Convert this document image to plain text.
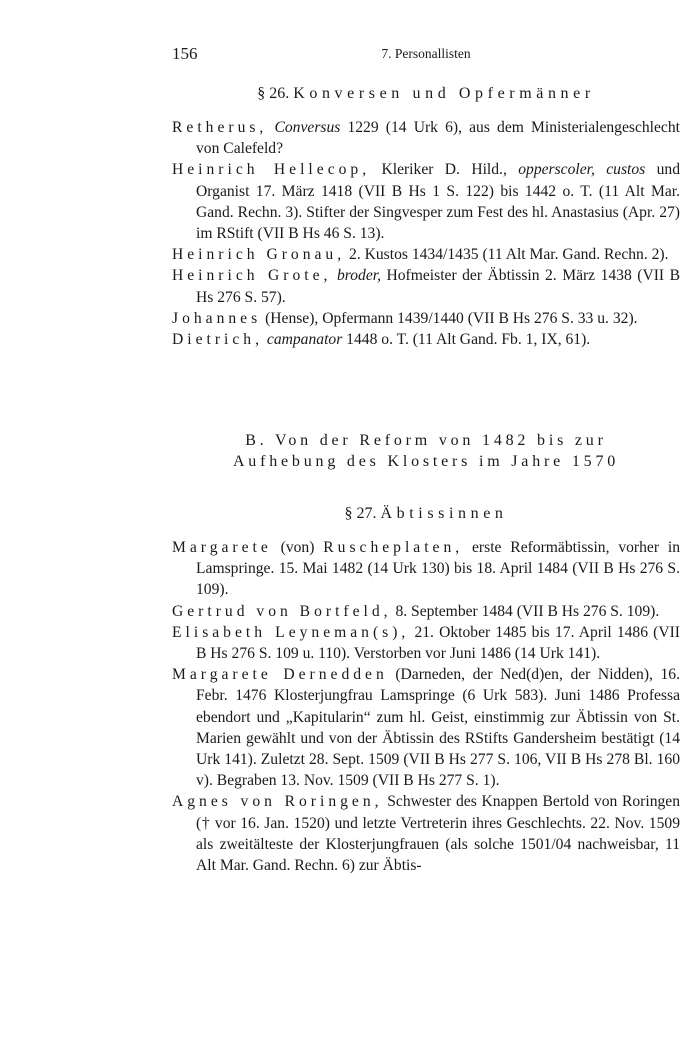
156	7. Personallisten
§ 26. Konversen und Opfermänner
Retherus, Conversus 1229 (14 Urk 6), aus dem Ministerialengeschlecht von Calefeld?
Heinrich Hellecop, Kleriker D. Hild., opperscoler, custos und Organist 17. März 1418 (VII B Hs 1 S. 122) bis 1442 o. T. (11 Alt Mar. Gand. Rechn. 3). Stifter der Singvesper zum Fest des hl. Anastasius (Apr. 27) im RStift (VII B Hs 46 S. 13).
Heinrich Gronau, 2. Kustos 1434/1435 (11 Alt Mar. Gand. Rechn. 2).
Heinrich Grote, broder, Hofmeister der Äbtissin 2. März 1438 (VII B Hs 276 S. 57).
Johannes (Hense), Opfermann 1439/1440 (VII B Hs 276 S. 33 u. 32).
Dietrich, campanator 1448 o. T. (11 Alt Gand. Fb. 1, IX, 61).
B. Von der Reform von 1482 bis zur
Aufhebung des Klosters im Jahre 1570
§ 27. Äbtissinnen
Margarete (von) Ruscheplaten, erste Reformäbtissin, vorher in Lamspringe. 15. Mai 1482 (14 Urk 130) bis 18. April 1484 (VII B Hs 276 S. 109).
Gertrud von Bortfeld, 8. September 1484 (VII B Hs 276 S. 109).
Elisabeth Leyneman(s), 21. Oktober 1485 bis 17. April 1486 (VII B Hs 276 S. 109 u. 110). Verstorben vor Juni 1486 (14 Urk 141).
Margarete Dernedden (Darneden, der Ned(d)en, der Nidden), 16. Febr. 1476 Klosterjungfrau Lamspringe (6 Urk 583). Juni 1486 Professa ebendort und „Kapitularin“ zum hl. Geist, einstimmig zur Äbtissin von St. Marien gewählt und von der Äbtissin des RStifts Gandersheim bestätigt (14 Urk 141). Zuletzt 28. Sept. 1509 (VII B Hs 277 S. 106, VII B Hs 278 Bl. 160 v). Begraben 13. Nov. 1509 (VII B Hs 277 S. 1).
Agnes von Roringen, Schwester des Knappen Bertold von Roringen († vor 16. Jan. 1520) und letzte Vertreterin ihres Geschlechts. 22. Nov. 1509 als zweitälteste der Klosterjungfrauen (als solche 1501/04 nachweisbar, 11 Alt Mar. Gand. Rechn. 6) zur Äbtis-
